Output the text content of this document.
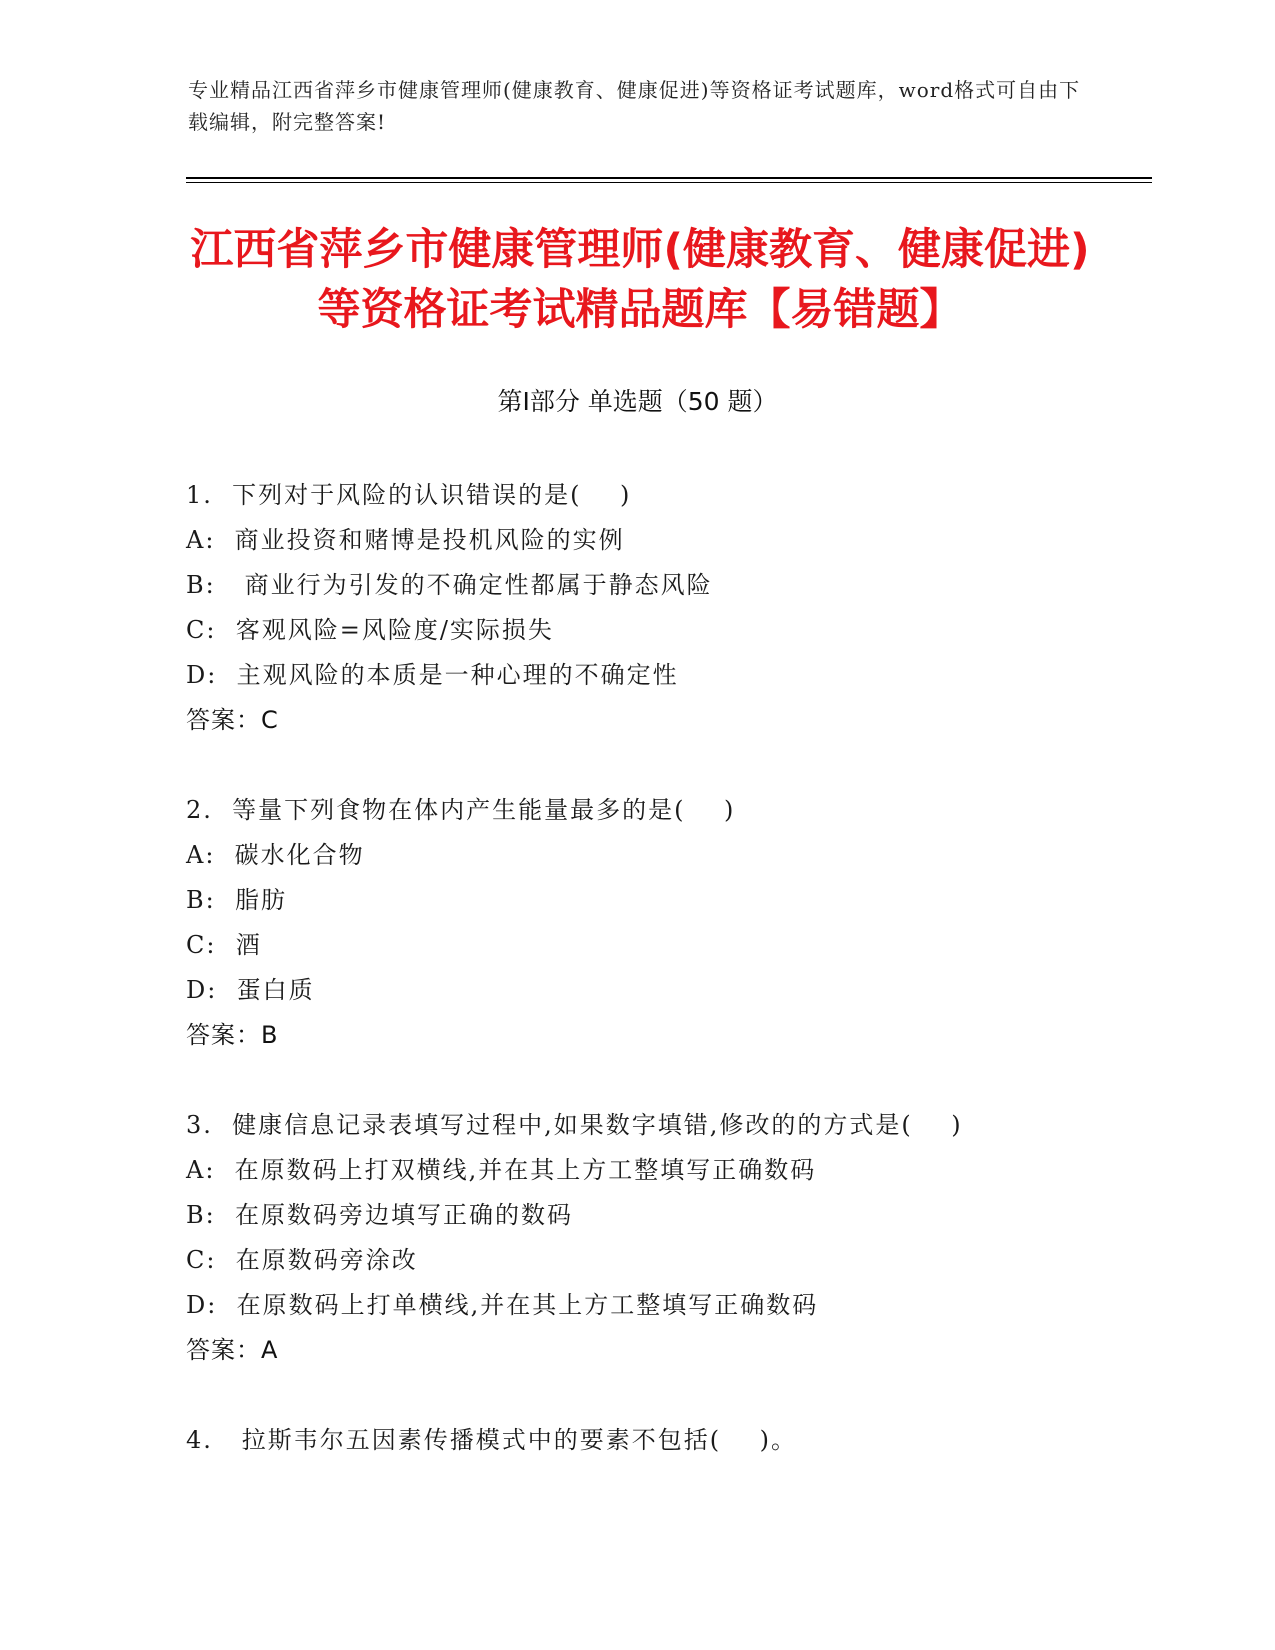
专业精品江西省萍乡市健康管理师(健康教育、健康促进)等资格证考试题库，word格式可自由下载编辑，附完整答案!
江西省萍乡市健康管理师(健康教育、健康促进)等资格证考试精品题库【易错题】
第Ⅰ部分 单选题（50 题）
1.  下列对于风险的认识错误的是(    )
A:  商业投资和赌博是投机风险的实例
B:   商业行为引发的不确定性都属于静态风险
C:  客观风险=风险度/实际损失
D:  主观风险的本质是一种心理的不确定性
答案：C
2.  等量下列食物在体内产生能量最多的是(    )
A:  碳水化合物
B:  脂肪
C:  酒
D:  蛋白质
答案：B
3.  健康信息记录表填写过程中,如果数字填错,修改的的方式是(    )
A:  在原数码上打双横线,并在其上方工整填写正确数码
B:  在原数码旁边填写正确的数码
C:  在原数码旁涂改
D:  在原数码上打单横线,并在其上方工整填写正确数码
答案：A
4.   拉斯韦尔五因素传播模式中的要素不包括(    )。
